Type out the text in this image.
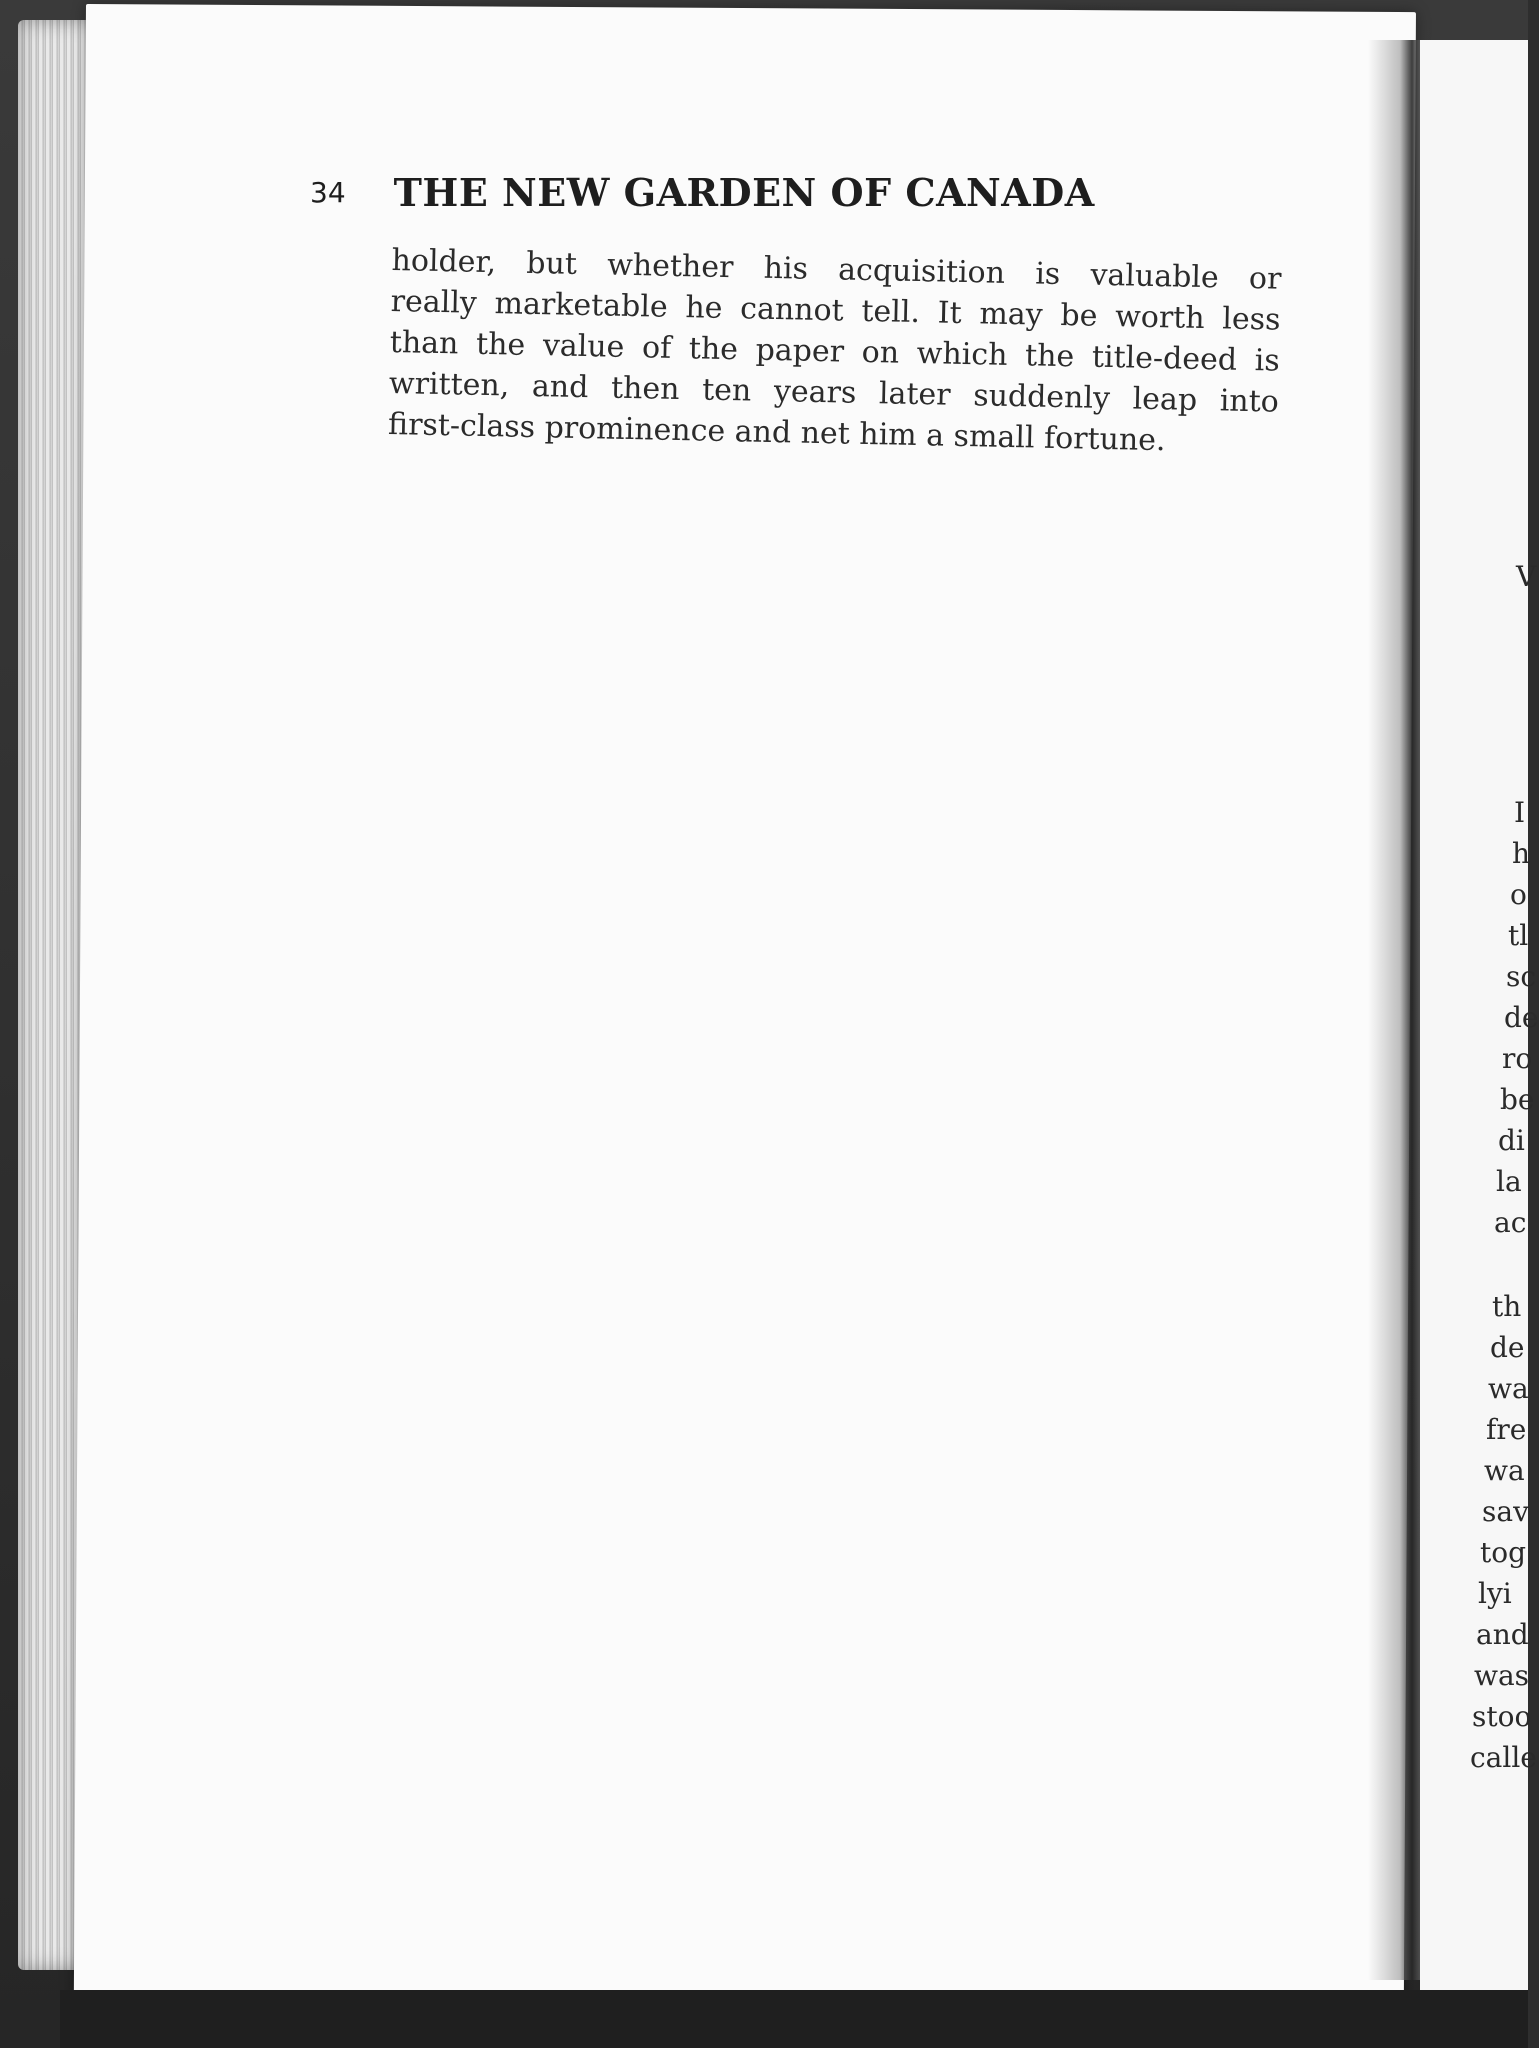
34 THE NEW GARDEN OF CANADA
holder, but whether his acquisition is valuable or
really marketable he cannot tell. It may be worth less
than the value of the paper on which the title-deed is
written, and then ten years later suddenly leap into
first-class prominence and net him a small fortune.
V
I
h
o
tl
sc
de
ro
be
di
la
ac
th
de
wa
fre
wa
sav
tog
lyi
and
was
stoo
calle
